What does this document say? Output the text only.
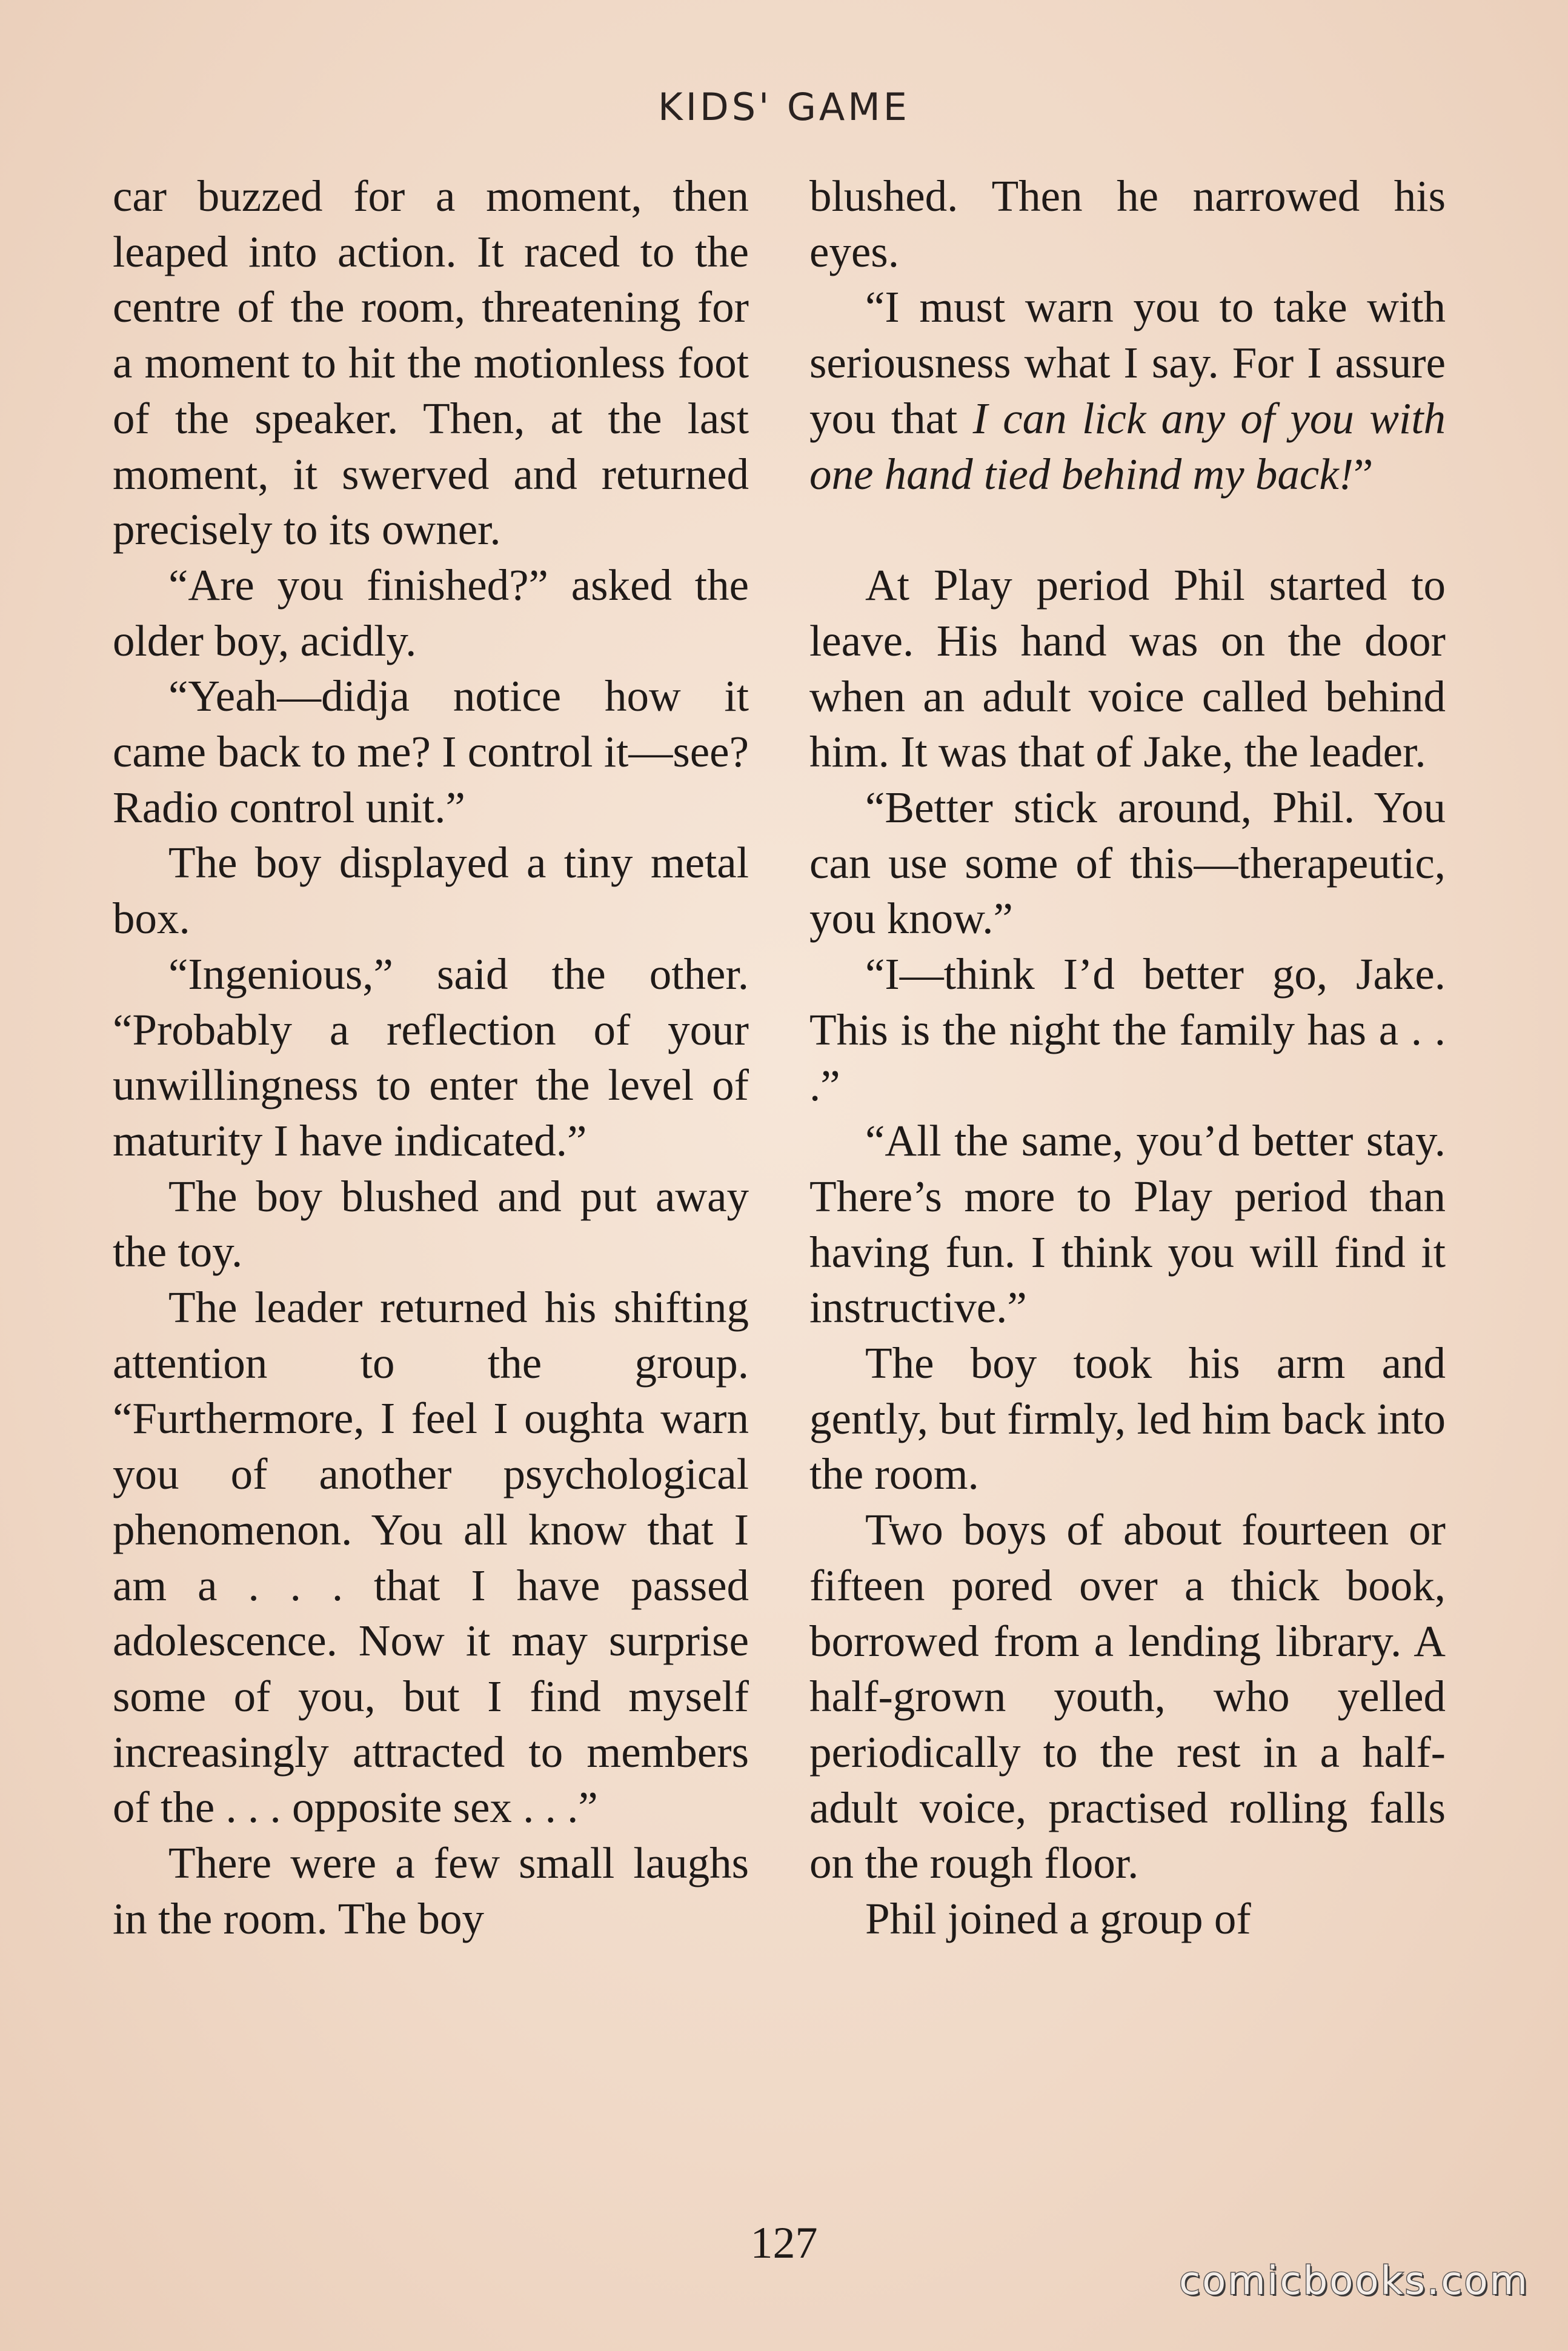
KIDS' GAME

car buzzed for a moment, then leaped into action. It raced to the centre of the room, threatening for a moment to hit the motionless foot of the speaker. Then, at the last moment, it swerved and returned precisely to its owner.

“Are you finished?” asked the older boy, acidly.

“Yeah—didja notice how it came back to me? I control it—see? Radio control unit.”

The boy displayed a tiny metal box.

“Ingenious,” said the other. “Probably a reflection of your unwillingness to enter the level of maturity I have indicated.”

The boy blushed and put away the toy.

The leader returned his shifting attention to the group. “Furthermore, I feel I oughta warn you of another psychological phenomenon. You all know that I am a . . . that I have passed adolescence. Now it may surprise some of you, but I find myself increasingly attracted to members of the . . . opposite sex . . .”

There were a few small laughs in the room. The boy

blushed. Then he narrowed his eyes.

“I must warn you to take with seriousness what I say. For I assure you that I can lick any of you with one hand tied behind my back!”

At Play period Phil started to leave. His hand was on the door when an adult voice called behind him. It was that of Jake, the leader.

“Better stick around, Phil. You can use some of this—therapeutic, you know.”

“I—think I’d better go, Jake. This is the night the family has a . . .”

“All the same, you’d better stay. There’s more to Play period than having fun. I think you will find it instructive.”

The boy took his arm and gently, but firmly, led him back into the room.

Two boys of about fourteen or fifteen pored over a thick book, borrowed from a lending library. A half-grown youth, who yelled periodically to the rest in a half-adult voice, practised rolling falls on the rough floor.

Phil joined a group of

127
comicbooks.com
